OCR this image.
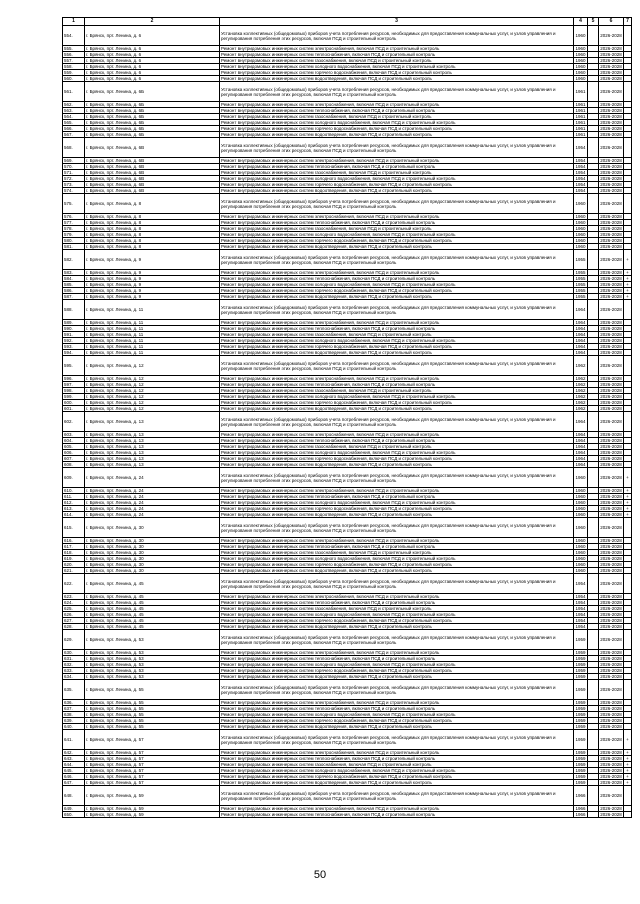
1	2	3	4	5	6	7
554.	г. Брянск, прт. Ленина, д. 6	Установка коллективных (общедомовых) приборов учета потребления ресурсов, необходимых для предоставления коммунальных услуг, и узлов управления и регулирования потребления этих ресурсов, включая ПСД и строительный контроль	1960		2026-2028	
555.	г. Брянск, прт. Ленина, д. 6	Ремонт внутридомовых инженерных систем электроснабжения, включая ПСД и строительный контроль	1960		2026-2028	
556.	г. Брянск, прт. Ленина, д. 6	Ремонт внутридомовых инженерных систем теплоснабжения, включая ПСД и строительный контроль	1960		2026-2028	
557.	г. Брянск, прт. Ленина, д. 6	Ремонт внутридомовых инженерных систем газоснабжения, включая ПСД и строительный контроль	1960		2026-2028	
558.	г. Брянск, прт. Ленина, д. 6	Ремонт внутридомовых инженерных систем холодного водоснабжения, включая ПСД и строительный контроль	1960		2026-2028	
559.	г. Брянск, прт. Ленина, д. 6	Ремонт внутридомовых инженерных систем горячего водоснабжения, включая ПСД и строительный контроль	1960		2026-2028	
560.	г. Брянск, прт. Ленина, д. 6	Ремонт внутридомовых инженерных систем водоотведения, включая ПСД и строительный контроль	1960		2026-2028	
561.	г. Брянск, прт. Ленина, д. 6Б	Установка коллективных (общедомовых) приборов учета потребления ресурсов, необходимых для предоставления коммунальных услуг, и узлов управления и регулирования потребления этих ресурсов, включая ПСД и строительный контроль	1961		2026-2028	
562.	г. Брянск, прт. Ленина, д. 6Б	Ремонт внутридомовых инженерных систем электроснабжения, включая ПСД и строительный контроль	1961		2026-2028	
563.	г. Брянск, прт. Ленина, д. 6Б	Ремонт внутридомовых инженерных систем теплоснабжения, включая ПСД и строительный контроль	1961		2026-2028	
564.	г. Брянск, прт. Ленина, д. 6Б	Ремонт внутридомовых инженерных систем газоснабжения, включая ПСД и строительный контроль	1961		2026-2028	
565.	г. Брянск, прт. Ленина, д. 6Б	Ремонт внутридомовых инженерных систем холодного водоснабжения, включая ПСД и строительный контроль	1961		2026-2028	
566.	г. Брянск, прт. Ленина, д. 6Б	Ремонт внутридомовых инженерных систем горячего водоснабжения, включая ПСД и строительный контроль	1961		2026-2028	
567.	г. Брянск, прт. Ленина, д. 6Б	Ремонт внутридомовых инженерных систем водоотведения, включая ПСД и строительный контроль	1961		2026-2028	
568.	г. Брянск, прт. Ленина, д. 6В	Установка коллективных (общедомовых) приборов учета потребления ресурсов, необходимых для предоставления коммунальных услуг, и узлов управления и регулирования потребления этих ресурсов, включая ПСД и строительный контроль	1954		2026-2028	
569.	г. Брянск, прт. Ленина, д. 6В	Ремонт внутридомовых инженерных систем электроснабжения, включая ПСД и строительный контроль	1954		2026-2028	
570.	г. Брянск, прт. Ленина, д. 6В	Ремонт внутридомовых инженерных систем теплоснабжения, включая ПСД и строительный контроль	1954		2026-2028	
571.	г. Брянск, прт. Ленина, д. 6В	Ремонт внутридомовых инженерных систем газоснабжения, включая ПСД и строительный контроль	1954		2026-2028	
572.	г. Брянск, прт. Ленина, д. 6В	Ремонт внутридомовых инженерных систем холодного водоснабжения, включая ПСД и строительный контроль	1954		2026-2028	
573.	г. Брянск, прт. Ленина, д. 6В	Ремонт внутридомовых инженерных систем горячего водоснабжения, включая ПСД и строительный контроль	1954		2026-2028	
574.	г. Брянск, прт. Ленина, д. 6В	Ремонт внутридомовых инженерных систем водоотведения, включая ПСД и строительный контроль	1954		2026-2028	
575.	г. Брянск, прт. Ленина, д. 8	Установка коллективных (общедомовых) приборов учета потребления ресурсов, необходимых для предоставления коммунальных услуг, и узлов управления и регулирования потребления этих ресурсов, включая ПСД и строительный контроль	1960		2026-2028	
576.	г. Брянск, прт. Ленина, д. 8	Ремонт внутридомовых инженерных систем электроснабжения, включая ПСД и строительный контроль	1960		2026-2028	
577.	г. Брянск, прт. Ленина, д. 8	Ремонт внутридомовых инженерных систем теплоснабжения, включая ПСД и строительный контроль	1960		2026-2028	
578.	г. Брянск, прт. Ленина, д. 8	Ремонт внутридомовых инженерных систем газоснабжения, включая ПСД и строительный контроль	1960		2026-2028	
579.	г. Брянск, прт. Ленина, д. 8	Ремонт внутридомовых инженерных систем холодного водоснабжения, включая ПСД и строительный контроль	1960		2026-2028	
580.	г. Брянск, прт. Ленина, д. 8	Ремонт внутридомовых инженерных систем горячего водоснабжения, включая ПСД и строительный контроль	1960		2026-2028	
581.	г. Брянск, прт. Ленина, д. 8	Ремонт внутридомовых инженерных систем водоотведения, включая ПСД и строительный контроль	1960		2026-2028	
582.	г. Брянск, прт. Ленина, д. 9	Установка коллективных (общедомовых) приборов учета потребления ресурсов, необходимых для предоставления коммунальных услуг, и узлов управления и регулирования потребления этих ресурсов, включая ПСД и строительный контроль	1955		2026-2028	+
583.	г. Брянск, прт. Ленина, д. 9	Ремонт внутридомовых инженерных систем электроснабжения, включая ПСД и строительный контроль	1955		2026-2028	+
584.	г. Брянск, прт. Ленина, д. 9	Ремонт внутридомовых инженерных систем теплоснабжения, включая ПСД и строительный контроль	1955		2026-2028	+
585.	г. Брянск, прт. Ленина, д. 9	Ремонт внутридомовых инженерных систем холодного водоснабжения, включая ПСД и строительный контроль	1955		2026-2028	+
586.	г. Брянск, прт. Ленина, д. 9	Ремонт внутридомовых инженерных систем горячего водоснабжения, включая ПСД и строительный контроль	1955		2026-2028	+
587.	г. Брянск, прт. Ленина, д. 9	Ремонт внутридомовых инженерных систем водоотведения, включая ПСД и строительный контроль	1955		2026-2028	+
588.	г. Брянск, прт. Ленина, д. 11	Установка коллективных (общедомовых) приборов учета потребления ресурсов, необходимых для предоставления коммунальных услуг, и узлов управления и регулирования потребления этих ресурсов, включая ПСД и строительный контроль	1964		2026-2028	
589.	г. Брянск, прт. Ленина, д. 11	Ремонт внутридомовых инженерных систем электроснабжения, включая ПСД и строительный контроль	1964		2026-2028	
590.	г. Брянск, прт. Ленина, д. 11	Ремонт внутридомовых инженерных систем теплоснабжения, включая ПСД и строительный контроль	1964		2026-2028	
591.	г. Брянск, прт. Ленина, д. 11	Ремонт внутридомовых инженерных систем газоснабжения, включая ПСД и строительный контроль	1964		2026-2028	
592.	г. Брянск, прт. Ленина, д. 11	Ремонт внутридомовых инженерных систем холодного водоснабжения, включая ПСД и строительный контроль	1964		2026-2028	
593.	г. Брянск, прт. Ленина, д. 11	Ремонт внутридомовых инженерных систем горячего водоснабжения, включая ПСД и строительный контроль	1964		2026-2028	
594.	г. Брянск, прт. Ленина, д. 11	Ремонт внутридомовых инженерных систем водоотведения, включая ПСД и строительный контроль	1964		2026-2028	
595.	г. Брянск, прт. Ленина, д. 12	Установка коллективных (общедомовых) приборов учета потребления ресурсов, необходимых для предоставления коммунальных услуг, и узлов управления и регулирования потребления этих ресурсов, включая ПСД и строительный контроль	1962		2026-2028	
596.	г. Брянск, прт. Ленина, д. 12	Ремонт внутридомовых инженерных систем электроснабжения, включая ПСД и строительный контроль	1962		2026-2028	
597.	г. Брянск, прт. Ленина, д. 12	Ремонт внутридомовых инженерных систем теплоснабжения, включая ПСД и строительный контроль	1962		2026-2028	
598.	г. Брянск, прт. Ленина, д. 12	Ремонт внутридомовых инженерных систем газоснабжения, включая ПСД и строительный контроль	1962		2026-2028	
599.	г. Брянск, прт. Ленина, д. 12	Ремонт внутридомовых инженерных систем холодного водоснабжения, включая ПСД и строительный контроль	1962		2026-2028	
600.	г. Брянск, прт. Ленина, д. 12	Ремонт внутридомовых инженерных систем горячего водоснабжения, включая ПСД и строительный контроль	1962		2026-2028	
601.	г. Брянск, прт. Ленина, д. 12	Ремонт внутридомовых инженерных систем водоотведения, включая ПСД и строительный контроль	1962		2026-2028	
602.	г. Брянск, прт. Ленина, д. 13	Установка коллективных (общедомовых) приборов учета потребления ресурсов, необходимых для предоставления коммунальных услуг, и узлов управления и регулирования потребления этих ресурсов, включая ПСД и строительный контроль	1964		2026-2028	
603.	г. Брянск, прт. Ленина, д. 13	Ремонт внутридомовых инженерных систем электроснабжения, включая ПСД и строительный контроль	1964		2026-2028	
604.	г. Брянск, прт. Ленина, д. 13	Ремонт внутридомовых инженерных систем теплоснабжения, включая ПСД и строительный контроль	1964		2026-2028	
605.	г. Брянск, прт. Ленина, д. 13	Ремонт внутридомовых инженерных систем газоснабжения, включая ПСД и строительный контроль	1964		2026-2028	
606.	г. Брянск, прт. Ленина, д. 13	Ремонт внутридомовых инженерных систем холодного водоснабжения, включая ПСД и строительный контроль	1964		2026-2028	
607.	г. Брянск, прт. Ленина, д. 13	Ремонт внутридомовых инженерных систем горячего водоснабжения, включая ПСД и строительный контроль	1964		2026-2028	
608.	г. Брянск, прт. Ленина, д. 13	Ремонт внутридомовых инженерных систем водоотведения, включая ПСД и строительный контроль	1964		2026-2028	
609.	г. Брянск, прт. Ленина, д. 24	Установка коллективных (общедомовых) приборов учета потребления ресурсов, необходимых для предоставления коммунальных услуг, и узлов управления и регулирования потребления этих ресурсов, включая ПСД и строительный контроль	1960		2026-2028	+
610.	г. Брянск, прт. Ленина, д. 24	Ремонт внутридомовых инженерных систем электроснабжения, включая ПСД и строительный контроль	1960		2026-2028	+
611.	г. Брянск, прт. Ленина, д. 24	Ремонт внутридомовых инженерных систем теплоснабжения, включая ПСД и строительный контроль	1960		2026-2028	+
612.	г. Брянск, прт. Ленина, д. 24	Ремонт внутридомовых инженерных систем холодного водоснабжения, включая ПСД и строительный контроль	1960		2026-2028	+
613.	г. Брянск, прт. Ленина, д. 24	Ремонт внутридомовых инженерных систем горячего водоснабжения, включая ПСД и строительный контроль	1960		2026-2028	+
614.	г. Брянск, прт. Ленина, д. 24	Ремонт внутридомовых инженерных систем водоотведения, включая ПСД и строительный контроль	1960		2026-2028	+
615.	г. Брянск, прт. Ленина, д. 30	Установка коллективных (общедомовых) приборов учета потребления ресурсов, необходимых для предоставления коммунальных услуг, и узлов управления и регулирования потребления этих ресурсов, включая ПСД и строительный контроль	1960		2026-2028	
616.	г. Брянск, прт. Ленина, д. 30	Ремонт внутридомовых инженерных систем электроснабжения, включая ПСД и строительный контроль	1960		2026-2028	
617.	г. Брянск, прт. Ленина, д. 30	Ремонт внутридомовых инженерных систем теплоснабжения, включая ПСД и строительный контроль	1960		2026-2028	
618.	г. Брянск, прт. Ленина, д. 30	Ремонт внутридомовых инженерных систем газоснабжения, включая ПСД и строительный контроль	1960		2026-2028	
619.	г. Брянск, прт. Ленина, д. 30	Ремонт внутридомовых инженерных систем холодного водоснабжения, включая ПСД и строительный контроль	1960		2026-2028	
620.	г. Брянск, прт. Ленина, д. 30	Ремонт внутридомовых инженерных систем горячего водоснабжения, включая ПСД и строительный контроль	1960		2026-2028	
621.	г. Брянск, прт. Ленина, д. 30	Ремонт внутридомовых инженерных систем водоотведения, включая ПСД и строительный контроль	1960		2026-2028	
622.	г. Брянск, прт. Ленина, д. 45	Установка коллективных (общедомовых) приборов учета потребления ресурсов, необходимых для предоставления коммунальных услуг, и узлов управления и регулирования потребления этих ресурсов, включая ПСД и строительный контроль	1954		2026-2028	
623.	г. Брянск, прт. Ленина, д. 45	Ремонт внутридомовых инженерных систем электроснабжения, включая ПСД и строительный контроль	1954		2026-2028	
624.	г. Брянск, прт. Ленина, д. 45	Ремонт внутридомовых инженерных систем теплоснабжения, включая ПСД и строительный контроль	1954		2026-2028	
625.	г. Брянск, прт. Ленина, д. 45	Ремонт внутридомовых инженерных систем газоснабжения, включая ПСД и строительный контроль	1954		2026-2028	
626.	г. Брянск, прт. Ленина, д. 45	Ремонт внутридомовых инженерных систем холодного водоснабжения, включая ПСД и строительный контроль	1954		2026-2028	
627.	г. Брянск, прт. Ленина, д. 45	Ремонт внутридомовых инженерных систем горячего водоснабжения, включая ПСД и строительный контроль	1954		2026-2028	
628.	г. Брянск, прт. Ленина, д. 45	Ремонт внутридомовых инженерных систем водоотведения, включая ПСД и строительный контроль	1954		2026-2028	
629.	г. Брянск, прт. Ленина, д. 53	Установка коллективных (общедомовых) приборов учета потребления ресурсов, необходимых для предоставления коммунальных услуг, и узлов управления и регулирования потребления этих ресурсов, включая ПСД и строительный контроль	1959		2026-2028	
630.	г. Брянск, прт. Ленина, д. 53	Ремонт внутридомовых инженерных систем электроснабжения, включая ПСД и строительный контроль	1959		2026-2028	
631.	г. Брянск, прт. Ленина, д. 53	Ремонт внутридомовых инженерных систем теплоснабжения, включая ПСД и строительный контроль	1959		2026-2028	
632.	г. Брянск, прт. Ленина, д. 53	Ремонт внутридомовых инженерных систем холодного водоснабжения, включая ПСД и строительный контроль	1959		2026-2028	
633.	г. Брянск, прт. Ленина, д. 53	Ремонт внутридомовых инженерных систем горячего водоснабжения, включая ПСД и строительный контроль	1959		2026-2028	
634.	г. Брянск, прт. Ленина, д. 53	Ремонт внутридомовых инженерных систем водоотведения, включая ПСД и строительный контроль	1959		2026-2028	
635.	г. Брянск, прт. Ленина, д. 55	Установка коллективных (общедомовых) приборов учета потребления ресурсов, необходимых для предоставления коммунальных услуг, и узлов управления и регулирования потребления этих ресурсов, включая ПСД и строительный контроль	1959		2026-2028	
636.	г. Брянск, прт. Ленина, д. 55	Ремонт внутридомовых инженерных систем электроснабжения, включая ПСД и строительный контроль	1959		2026-2028	
637.	г. Брянск, прт. Ленина, д. 55	Ремонт внутридомовых инженерных систем теплоснабжения, включая ПСД и строительный контроль	1959		2026-2028	
638.	г. Брянск, прт. Ленина, д. 55	Ремонт внутридомовых инженерных систем холодного водоснабжения, включая ПСД и строительный контроль	1959		2026-2028	
639.	г. Брянск, прт. Ленина, д. 55	Ремонт внутридомовых инженерных систем горячего водоснабжения, включая ПСД и строительный контроль	1959		2026-2028	
640.	г. Брянск, прт. Ленина, д. 55	Ремонт внутридомовых инженерных систем водоотведения, включая ПСД и строительный контроль	1959		2026-2028	
641.	г. Брянск, прт. Ленина, д. 57	Установка коллективных (общедомовых) приборов учета потребления ресурсов, необходимых для предоставления коммунальных услуг, и узлов управления и регулирования потребления этих ресурсов, включая ПСД и строительный контроль	1959		2026-2028	+
642.	г. Брянск, прт. Ленина, д. 57	Ремонт внутридомовых инженерных систем электроснабжения, включая ПСД и строительный контроль	1959		2026-2028	+
643.	г. Брянск, прт. Ленина, д. 57	Ремонт внутридомовых инженерных систем теплоснабжения, включая ПСД и строительный контроль	1959		2026-2028	+
644.	г. Брянск, прт. Ленина, д. 57	Ремонт внутридомовых инженерных систем газоснабжения, включая ПСД и строительный контроль	1959		2026-2028	+
645.	г. Брянск, прт. Ленина, д. 57	Ремонт внутридомовых инженерных систем холодного водоснабжения, включая ПСД и строительный контроль	1959		2026-2028	+
646.	г. Брянск, прт. Ленина, д. 57	Ремонт внутридомовых инженерных систем горячего водоснабжения, включая ПСД и строительный контроль	1959		2026-2028	+
647.	г. Брянск, прт. Ленина, д. 57	Ремонт внутридомовых инженерных систем водоотведения, включая ПСД и строительный контроль	1959		2026-2028	+
648.	г. Брянск, прт. Ленина, д. 59	Установка коллективных (общедомовых) приборов учета потребления ресурсов, необходимых для предоставления коммунальных услуг, и узлов управления и регулирования потребления этих ресурсов, включая ПСД и строительный контроль	1966		2026-2028	
649.	г. Брянск, прт. Ленина, д. 59	Ремонт внутридомовых инженерных систем электроснабжения, включая ПСД и строительный контроль	1966		2026-2028	
650.	г. Брянск, прт. Ленина, д. 59	Ремонт внутридомовых инженерных систем теплоснабжения, включая ПСД и строительный контроль	1966		2026-2028	
50
